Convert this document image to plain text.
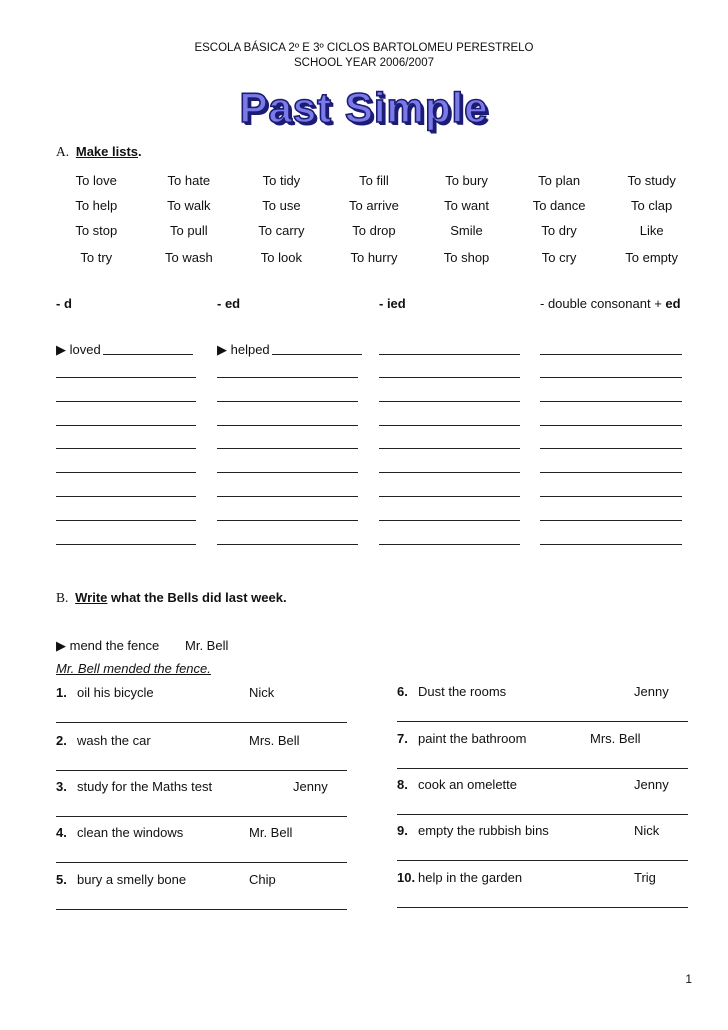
ESCOLA BÁSICA 2º E 3º CICLOS BARTOLOMEU PERESTRELO
SCHOOL YEAR 2006/2007
Past Simple
A. Make lists.
To love	To hate	To tidy	To fill	To bury	To plan	To study
To help	To walk	To use	To arrive	To want	To dance	To clap
To stop	To pull	To carry	To drop	Smile	To dry	Like
To try	To wash	To look	To hurry	To shop	To cry	To empty
- d	- ed	- ied	- double consonant + ed
▶ loved	▶ helped
B. Write what the Bells did last week.
▶ mend the fence Mr. Bell
Mr. Bell mended the fence.
1. oil his bicycle	Nick
2. wash the car	Mrs. Bell
3. study for the Maths test	Jenny
4. clean the windows	Mr. Bell
5. bury a smelly bone	Chip
6. Dust the rooms	Jenny
7. paint the bathroom	Mrs. Bell
8. cook an omelette	Jenny
9. empty the rubbish bins	Nick
10. help in the garden	Trig
1
